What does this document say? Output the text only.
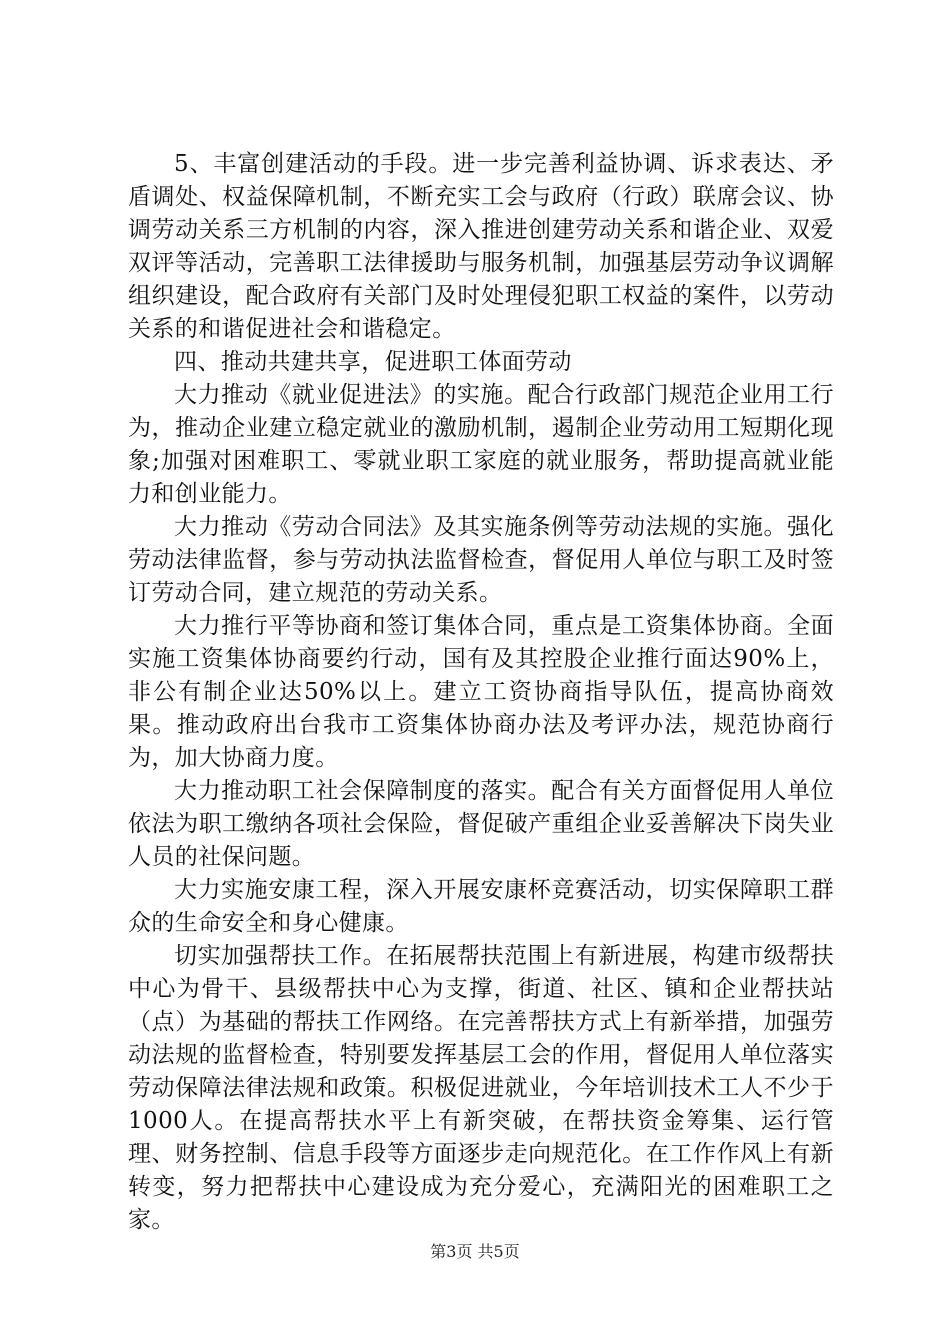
5、丰富创建活动的手段。进一步完善利益协调、诉求表达、矛盾调处、权益保障机制，不断充实工会与政府（行政）联席会议、协调劳动关系三方机制的内容，深入推进创建劳动关系和谐企业、双爱双评等活动，完善职工法律援助与服务机制，加强基层劳动争议调解组织建设，配合政府有关部门及时处理侵犯职工权益的案件，以劳动关系的和谐促进社会和谐稳定。

四、推动共建共享，促进职工体面劳动

大力推动《就业促进法》的实施。配合行政部门规范企业用工行为，推动企业建立稳定就业的激励机制，遏制企业劳动用工短期化现象;加强对困难职工、零就业职工家庭的就业服务，帮助提高就业能力和创业能力。

大力推动《劳动合同法》及其实施条例等劳动法规的实施。强化劳动法律监督，参与劳动执法监督检查，督促用人单位与职工及时签订劳动合同，建立规范的劳动关系。

大力推行平等协商和签订集体合同，重点是工资集体协商。全面实施工资集体协商要约行动，国有及其控股企业推行面达90%上，非公有制企业达50%以上。建立工资协商指导队伍，提高协商效果。推动政府出台我市工资集体协商办法及考评办法，规范协商行为，加大协商力度。

大力推动职工社会保障制度的落实。配合有关方面督促用人单位依法为职工缴纳各项社会保险，督促破产重组企业妥善解决下岗失业人员的社保问题。

大力实施安康工程，深入开展安康杯竞赛活动，切实保障职工群众的生命安全和身心健康。

切实加强帮扶工作。在拓展帮扶范围上有新进展，构建市级帮扶中心为骨干、县级帮扶中心为支撑，街道、社区、镇和企业帮扶站（点）为基础的帮扶工作网络。在完善帮扶方式上有新举措，加强劳动法规的监督检查，特别要发挥基层工会的作用，督促用人单位落实劳动保障法律法规和政策。积极促进就业，今年培训技术工人不少于1000人。在提高帮扶水平上有新突破，在帮扶资金筹集、运行管理、财务控制、信息手段等方面逐步走向规范化。在工作作风上有新转变，努力把帮扶中心建设成为充分爱心，充满阳光的困难职工之家。

第3页 共5页
